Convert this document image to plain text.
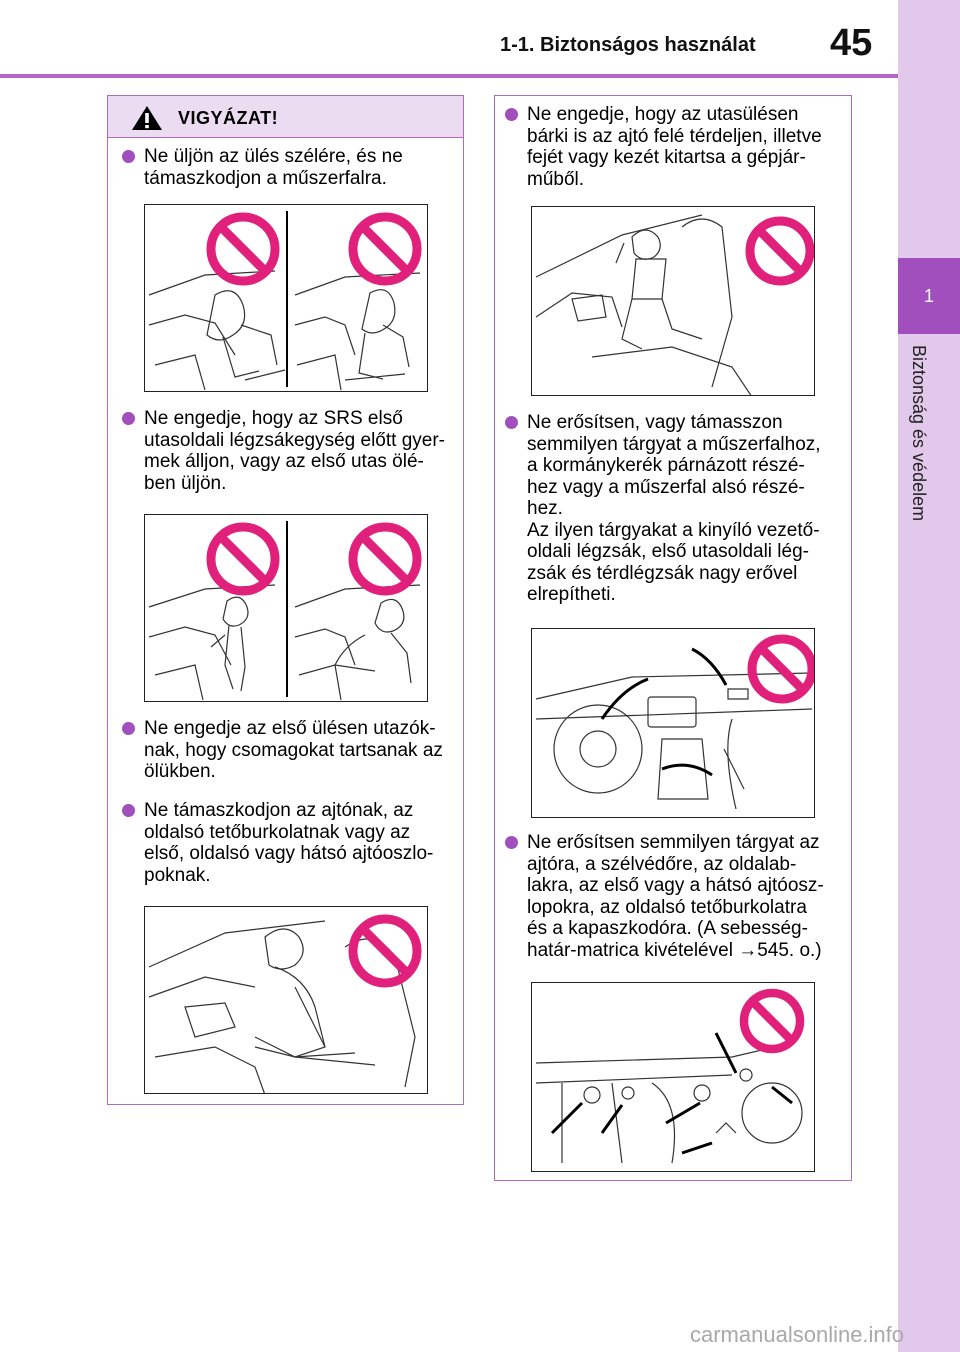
1-1. Biztonságos használat 45
1
Biztonság és védelem
VIGYÁZAT!
Ne üljön az ülés szélére, és ne
támaszkodjon a műszerfalra.
Ne engedje, hogy az SRS első
utasoldali légzsákegység előtt gyer-
mek álljon, vagy az első utas ölé-
ben üljön.
Ne engedje az első ülésen utazók-
nak, hogy csomagokat tartsanak az
ölükben.
Ne támaszkodjon az ajtónak, az
oldalsó tetőburkolatnak vagy az
első, oldalsó vagy hátsó ajtóoszlo-
poknak.
Ne engedje, hogy az utasülésen
bárki is az ajtó felé térdeljen, illetve
fejét vagy kezét kitartsa a gépjár-
műből.
Ne erősítsen, vagy támasszon
semmilyen tárgyat a műszerfalhoz,
a kormánykerék párnázott részé-
hez vagy a műszerfal alsó részé-
hez.
Az ilyen tárgyakat a kinyíló vezető-
oldali légzsák, első utasoldali lég-
zsák és térdlégzsák nagy erővel
elrepítheti.
Ne erősítsen semmilyen tárgyat az
ajtóra, a szélvédőre, az oldalab-
lakra, az első vagy a hátsó ajtóosz-
lopokra, az oldalsó tetőburkolatra
és a kapaszkodóra. (A sebesség-
határ-matrica kivételével →545. o.)
carmanualsonline.info
